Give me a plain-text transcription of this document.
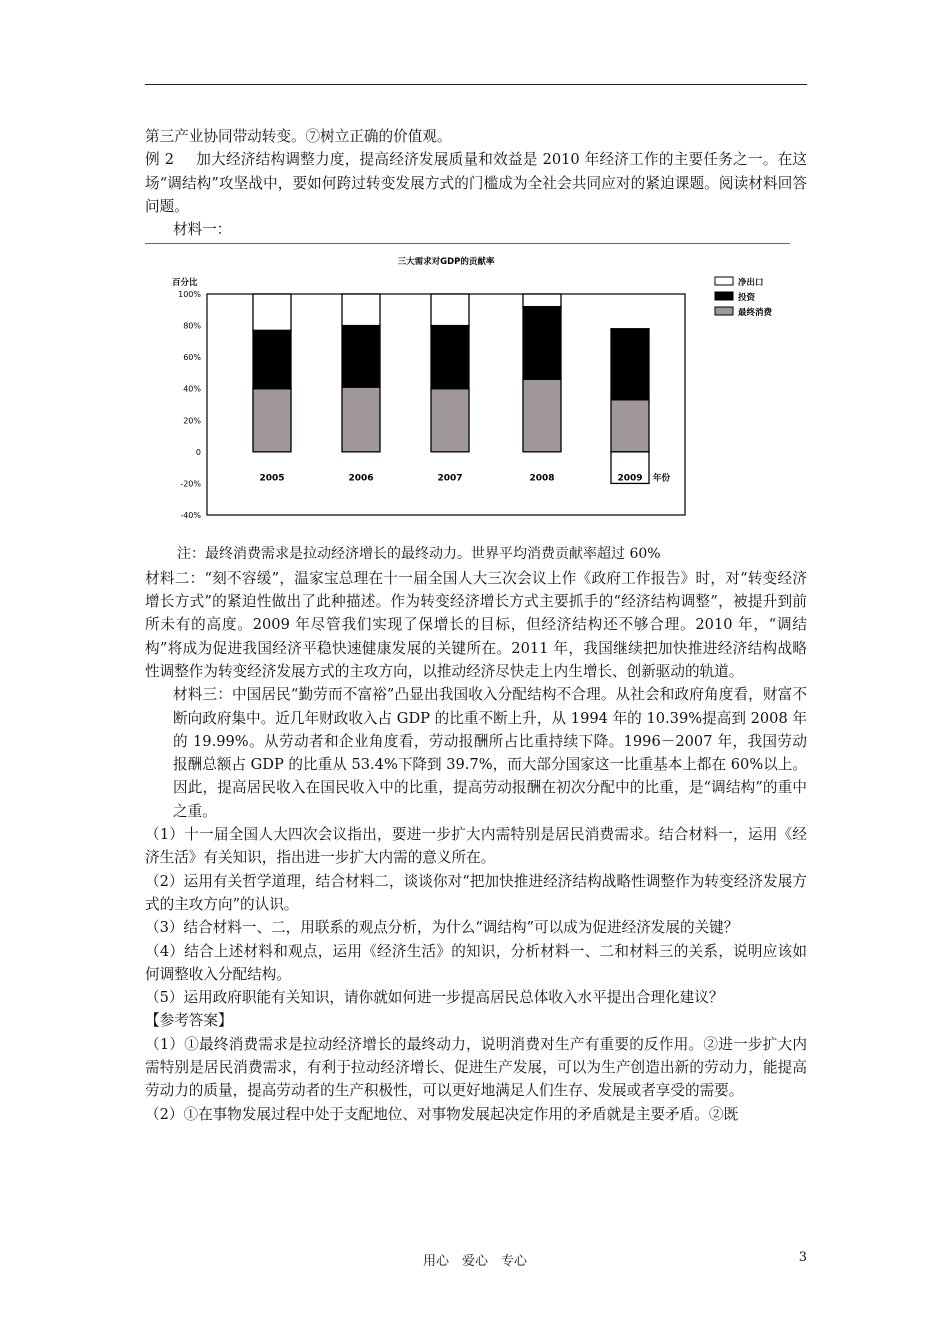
第三产业协同带动转变。⑦树立正确的价值观。

例 2 加大经济结构调整力度，提高经济发展质量和效益是 2010 年经济工作的主要任务之一。在这场“调结构”攻坚战中，要如何跨过转变发展方式的门槛成为全社会共同应对的紧迫课题。阅读材料回答问题。

材料一：

三大需求对GDP的贡献率
百分比
100%
80%
60%
40%
20%
0
-20%
-40%
2005	2006	2007	2008	2009 年份
净出口
投资
最终消费

注：最终消费需求是拉动经济增长的最终动力。世界平均消费贡献率超过 60%

材料二：“刻不容缓”，温家宝总理在十一届全国人大三次会议上作《政府工作报告》时，对“转变经济增长方式”的紧迫性做出了此种描述。作为转变经济增长方式主要抓手的“经济结构调整”，被提升到前所未有的高度。2009 年尽管我们实现了保增长的目标，但经济结构还不够合理。2010 年，“调结构”将成为促进我国经济平稳快速健康发展的关键所在。2011 年，我国继续把加快推进经济结构战略性调整作为转变经济发展方式的主攻方向，以推动经济尽快走上内生增长、创新驱动的轨道。

材料三：中国居民“勤劳而不富裕”凸显出我国收入分配结构不合理。从社会和政府角度看，财富不断向政府集中。近几年财政收入占 GDP 的比重不断上升，从 1994 年的 10.39%提高到 2008 年的 19.99%。从劳动者和企业角度看，劳动报酬所占比重持续下降。1996－2007 年，我国劳动报酬总额占 GDP 的比重从 53.4%下降到 39.7%，而大部分国家这一比重基本上都在 60%以上。因此，提高居民收入在国民收入中的比重，提高劳动报酬在初次分配中的比重，是“调结构”的重中之重。

（1）十一届全国人大四次会议指出，要进一步扩大内需特别是居民消费需求。结合材料一，运用《经济生活》有关知识，指出进一步扩大内需的意义所在。

（2）运用有关哲学道理，结合材料二，谈谈你对“把加快推进经济结构战略性调整作为转变经济发展方式的主攻方向”的认识。

（3）结合材料一、二，用联系的观点分析，为什么“调结构”可以成为促进经济发展的关键？

（4）结合上述材料和观点，运用《经济生活》的知识，分析材料一、二和材料三的关系，说明应该如何调整收入分配结构。

（5）运用政府职能有关知识，请你就如何进一步提高居民总体收入水平提出合理化建议？

【参考答案】

（1）①最终消费需求是拉动经济增长的最终动力，说明消费对生产有重要的反作用。②进一步扩大内需特别是居民消费需求，有利于拉动经济增长、促进生产发展，可以为生产创造出新的劳动力，能提高劳动力的质量，提高劳动者的生产积极性，可以更好地满足人们生存、发展或者享受的需要。

（2）①在事物发展过程中处于支配地位、对事物发展起决定作用的矛盾就是主要矛盾。②既

用心　爱心　专心	3
